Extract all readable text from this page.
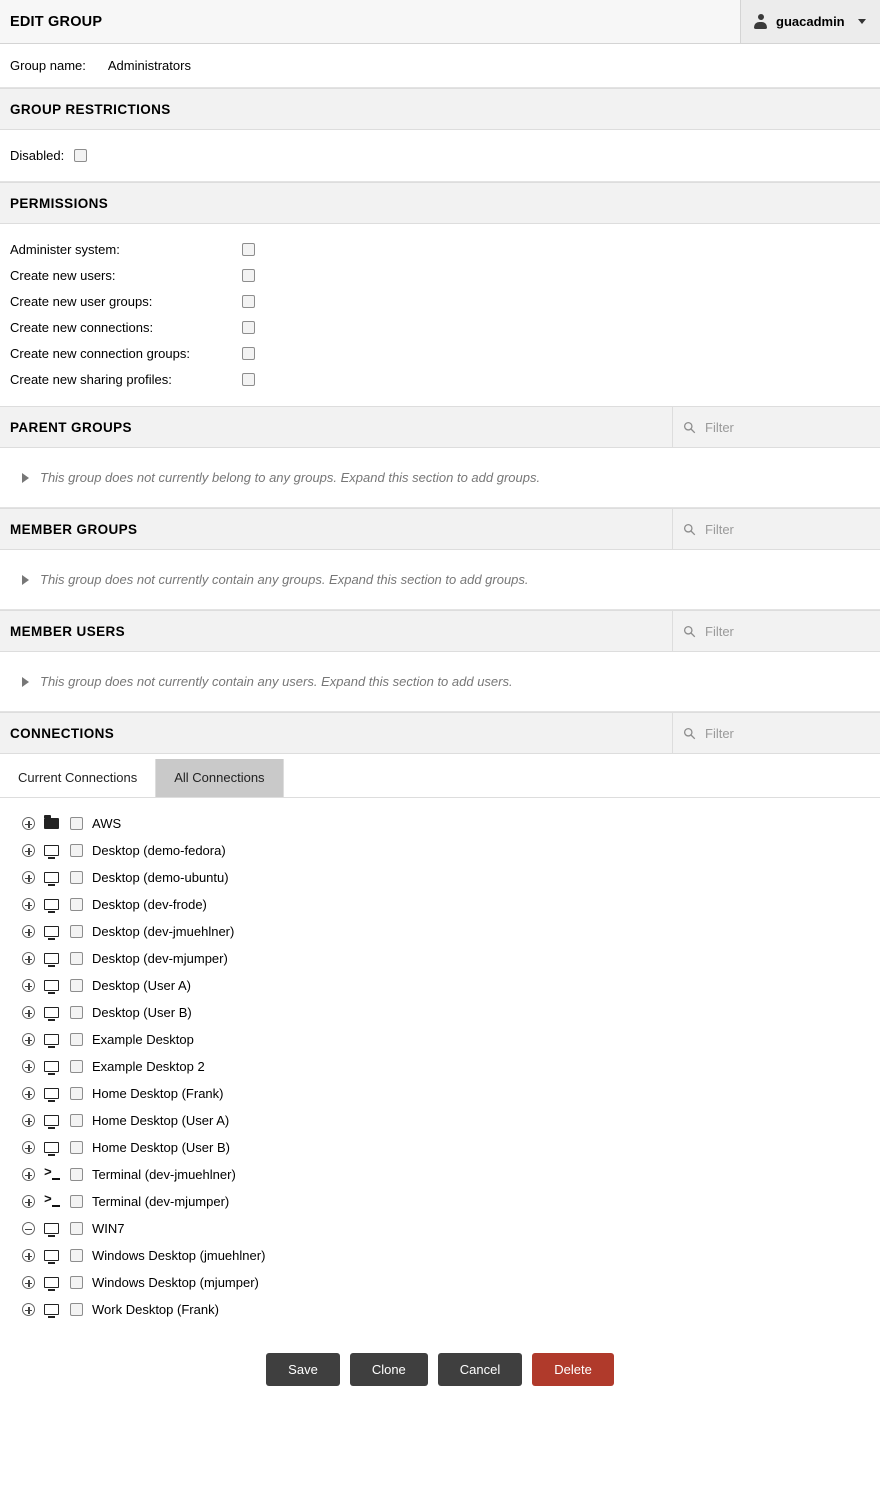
EDIT GROUP	guacadmin
Group name:	Administrators
GROUP RESTRICTIONS
Disabled:
PERMISSIONS
Administer system:
Create new users:
Create new user groups:
Create new connections:
Create new connection groups:
Create new sharing profiles:
PARENT GROUPS
Filter
This group does not currently belong to any groups. Expand this section to add groups.
MEMBER GROUPS
Filter
This group does not currently contain any groups. Expand this section to add groups.
MEMBER USERS
Filter
This group does not currently contain any users. Expand this section to add users.
CONNECTIONS
Filter
Current Connections	All Connections
AWS
Desktop (demo-fedora)
Desktop (demo-ubuntu)
Desktop (dev-frode)
Desktop (dev-jmuehlner)
Desktop (dev-mjumper)
Desktop (User A)
Desktop (User B)
Example Desktop
Example Desktop 2
Home Desktop (Frank)
Home Desktop (User A)
Home Desktop (User B)
>
Terminal (dev-jmuehlner)
>
Terminal (dev-mjumper)
WIN7
Windows Desktop (jmuehlner)
Windows Desktop (mjumper)
Work Desktop (Frank)
Save	Clone	Cancel	Delete
